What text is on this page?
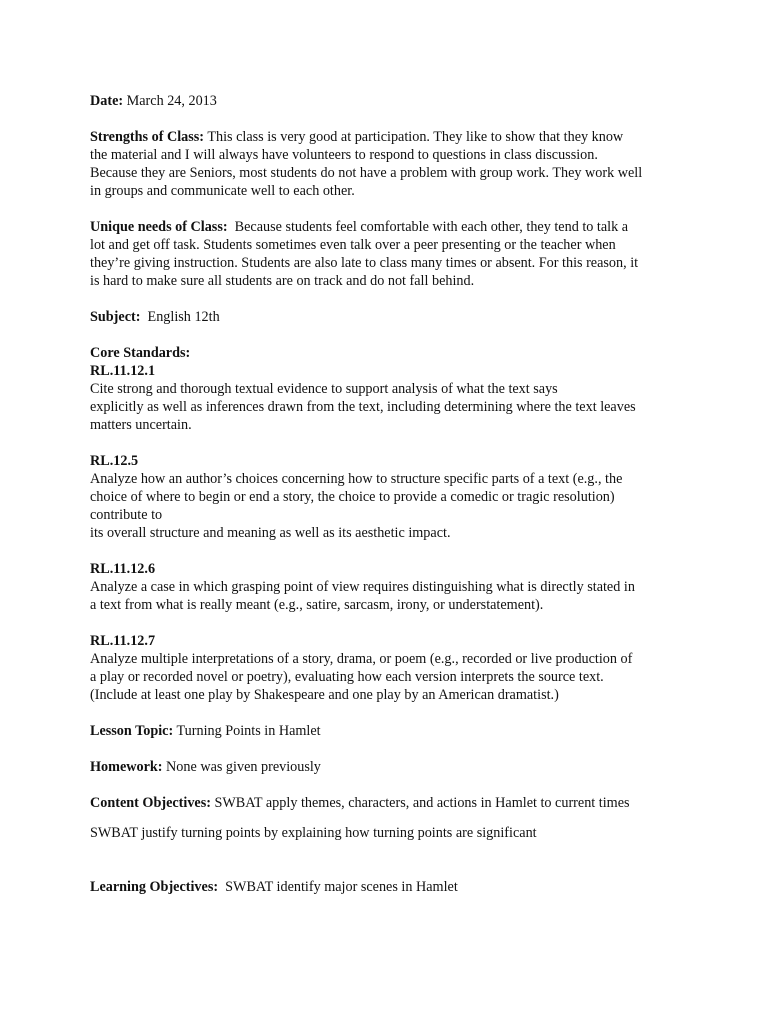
Date: March 24, 2013

Strengths of Class: This class is very good at participation. They like to show that they know
the material and I will always have volunteers to respond to questions in class discussion.
Because they are Seniors, most students do not have a problem with group work. They work well
in groups and communicate well to each other.
Unique needs of Class: Because students feel comfortable with each other, they tend to talk a
lot and get off task. Students sometimes even talk over a peer presenting or the teacher when
they’re giving instruction. Students are also late to class many times or absent. For this reason, it
is hard to make sure all students are on track and do not fall behind.

Subject: English 12th

Core Standards:
RL.11.12.1
Cite strong and thorough textual evidence to support analysis of what the text says
explicitly as well as inferences drawn from the text, including determining where the text leaves
matters uncertain.
RL.12.5
Analyze how an author’s choices concerning how to structure specific parts of a text (e.g., the
choice of where to begin or end a story, the choice to provide a comedic or tragic resolution)
contribute to
its overall structure and meaning as well as its aesthetic impact.
RL.11.12.6
Analyze a case in which grasping point of view requires distinguishing what is directly stated in
a text from what is really meant (e.g., satire, sarcasm, irony, or understatement).
RL.11.12.7
Analyze multiple interpretations of a story, drama, or poem (e.g., recorded or live production of
a play or recorded novel or poetry), evaluating how each version interprets the source text.
(Include at least one play by Shakespeare and one play by an American dramatist.)

Lesson Topic: Turning Points in Hamlet

Homework: None was given previously

Content Objectives: SWBAT apply themes, characters, and actions in Hamlet to current times

SWBAT justify turning points by explaining how turning points are significant

Learning Objectives: SWBAT identify major scenes in Hamlet
